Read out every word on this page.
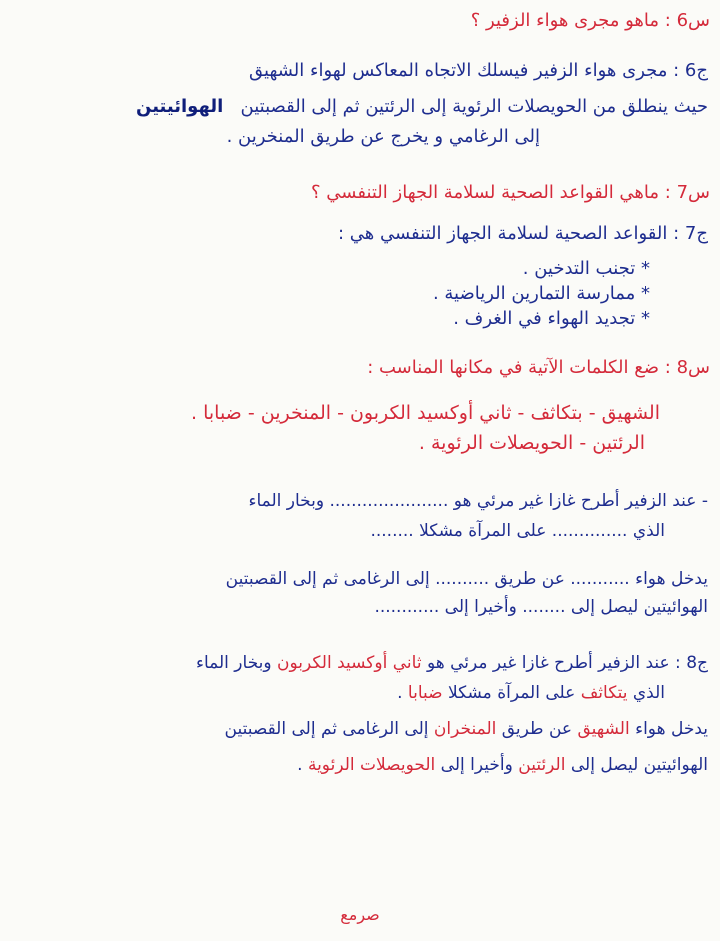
س6 : ماهو مجرى هواء الزفير ؟
ج6 : مجرى هواء الزفير فيسلك الاتجاه المعاكس لهواء الشهيق
حيث ينطلق من الحويصلات الرئوية إلى الرئتين ثم إلى القصبتين   الهوائيتين
إلى الرغامي و يخرج عن طريق المنخرين .
س7 : ماهي القواعد الصحية لسلامة الجهاز التنفسي ؟
ج7 : القواعد الصحية لسلامة الجهاز التنفسي هي :
* تجنب التدخين .
* ممارسة التمارين الرياضية .
* تجديد الهواء في الغرف .
س8 : ضع الكلمات الآتية في مكانها المناسب :
الشهيق - بتكاثف - ثاني أوكسيد الكربون - المنخرين - ضبابا .
الرئتين - الحويصلات الرئوية .
- عند الزفير أطرح غازا غير مرئي هو ...................... وبخار الماء
الذي .............. على المرآة مشكلا ........
يدخل هواء ........... عن طريق .......... إلى الرغامى ثم إلى القصبتين
الهوائيتين ليصل إلى ........ وأخيرا إلى ............
ج8 : عند الزفير أطرح غازا غير مرئي هو ثاني أوكسيد الكربون وبخار الماء
الذي يتكاثف على المرآة مشكلا ضبابا .
يدخل هواء الشهيق عن طريق المنخران إلى الرغامى ثم إلى القصبتين
الهوائيتين ليصل إلى الرئتين وأخيرا إلى الحويصلات الرئوية .
صرمع
